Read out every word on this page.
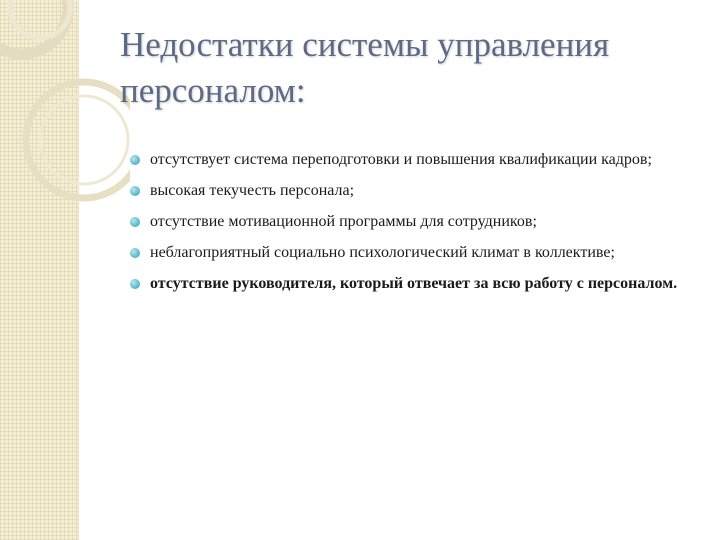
Недостатки системы управления персоналом:
отсутствует система переподготовки и повышения квалификации кадров;
высокая текучесть персонала;
отсутствие мотивационной программы для сотрудников;
неблагоприятный социально психологический климат в коллективе;
отсутствие руководителя, который отвечает за всю работу с персоналом.
